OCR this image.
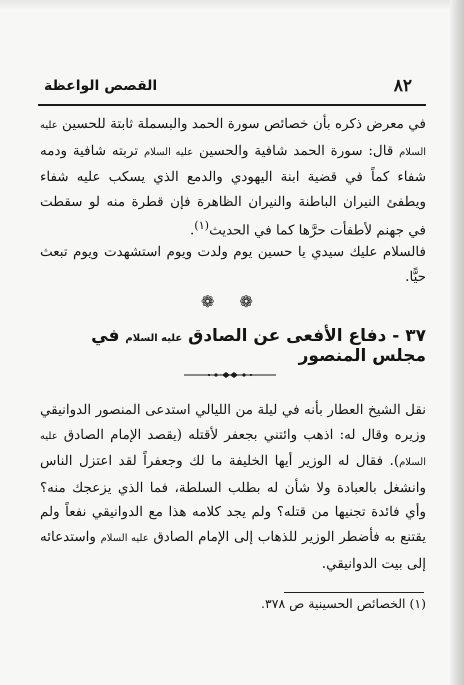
٨٢
القصص الواعظة

في معرض ذكره بأن خصائص سورة الحمد والبسملة ثابتة للحسين عليه السلام قال: سورة الحمد شافية والحسين عليه السلام تربته شافية ودمه شفاء كماً في قضية ابنة اليهودي والدمع الذي يسكب عليه شفاء ويطفئ النيران الباطنة والنيران الظاهرة فإن قطرة منه لو سقطت في جهنم لأطفأت حرَّها كما في الحديث$^{(١)}$.

فالسلام عليك سيدي يا حسين يوم ولدت ويوم استشهدت ويوم تبعث حيًّا.

❁ ❁
٣٧ - دفاع الأفعى عن الصادق عليه السلام في مجلس المنصور

نقل الشيخ العطار بأنه في ليلة من الليالي استدعى المنصور الدوانيقي وزيره وقال له: اذهب وائتني بجعفر لأقتله (يقصد الإمام الصادق عليه السلام). فقال له الوزير أيها الخليفة ما لك وجعفراً لقد اعتزل الناس وانشغل بالعبادة ولا شأن له بطلب السلطة، فما الذي يزعجك منه؟ وأي فائدة تجنيها من قتله؟ ولم يجد كلامه هذا مع الدوانيقي نفعاً ولم يقتنع به فأضطر الوزير للذهاب إلى الإمام الصادق عليه السلام واستدعائه إلى بيت الدوانيقي.

(١) الخصائص الحسينية ص ٣٧٨.
